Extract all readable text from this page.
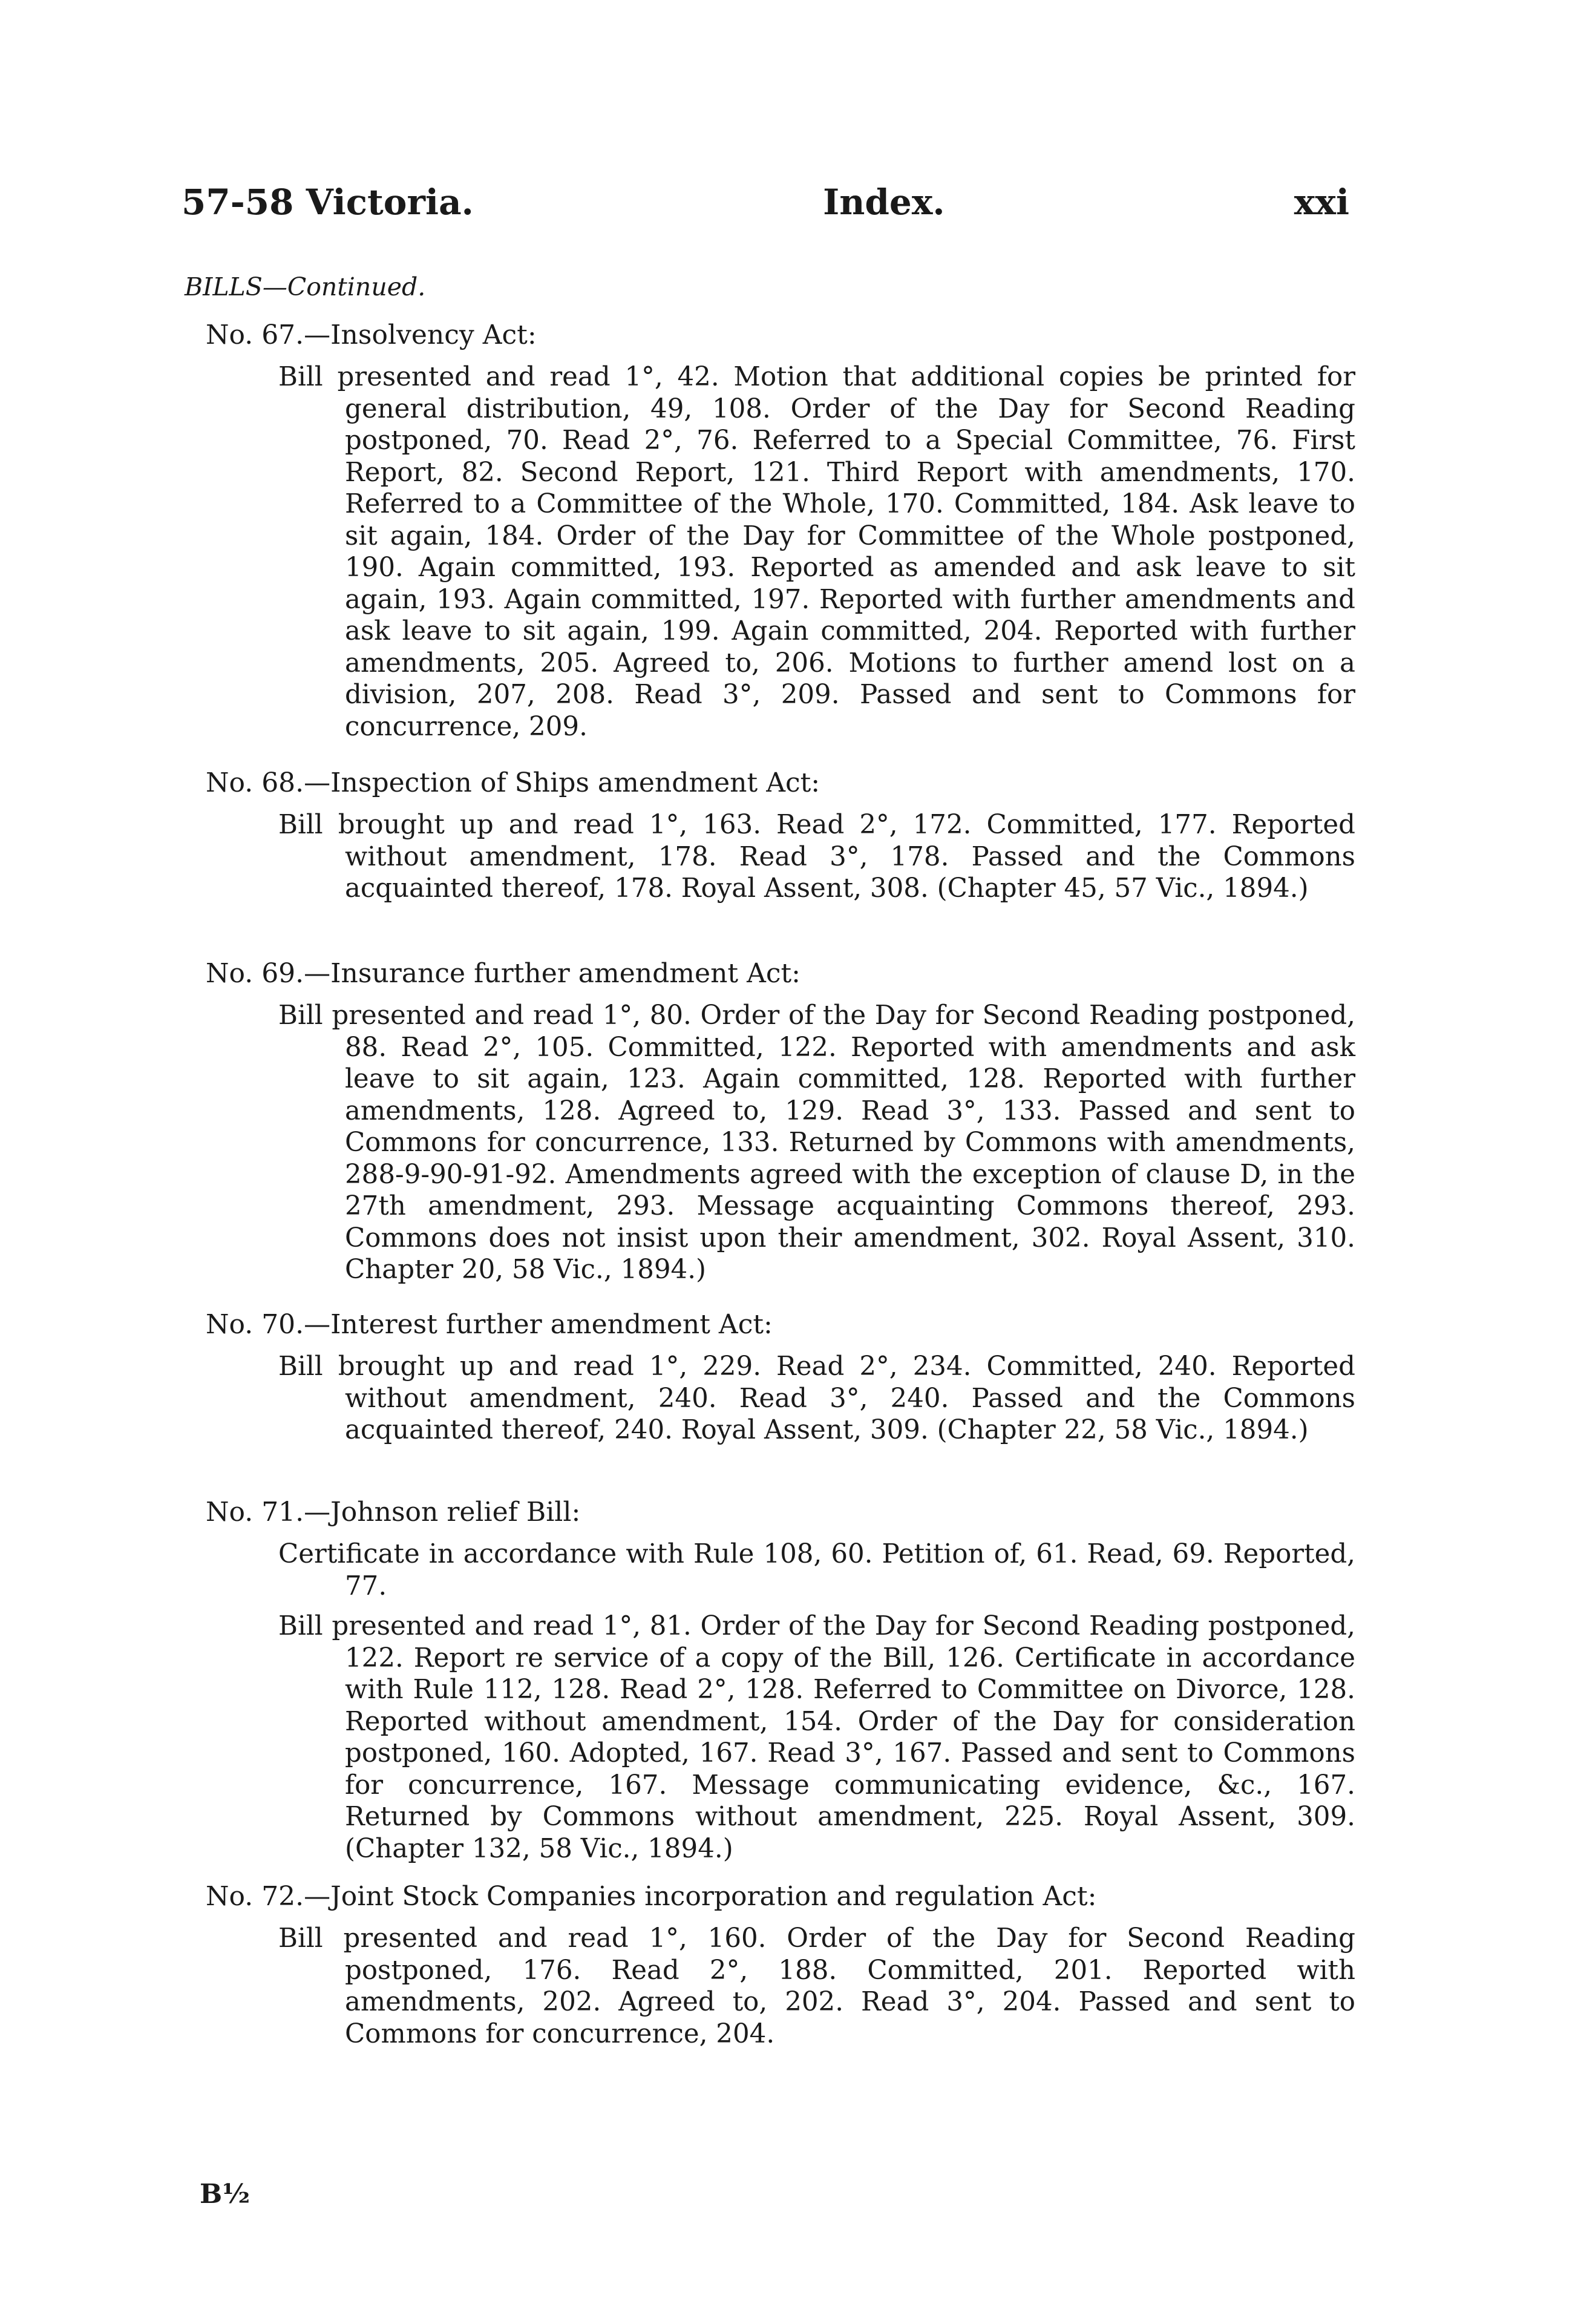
57-58 Victoria.	Index.	xxi
BILLS—Continued.

No. 67.—Insolvency Act:

Bill presented and read 1°, 42. Motion that additional copies be printed for general distribution, 49, 108. Order of the Day for Second Reading postponed, 70. Read 2°, 76. Referred to a Special Committee, 76. First Report, 82. Second Report, 121. Third Report with amendments, 170. Referred to a Committee of the Whole, 170. Committed, 184. Ask leave to sit again, 184. Order of the Day for Committee of the Whole postponed, 190. Again committed, 193. Reported as amended and ask leave to sit again, 193. Again committed, 197. Reported with further amendments and ask leave to sit again, 199. Again committed, 204. Reported with further amendments, 205. Agreed to, 206. Motions to further amend lost on a division, 207, 208. Read 3°, 209. Passed and sent to Commons for concurrence, 209.

No. 68.—Inspection of Ships amendment Act:

Bill brought up and read 1°, 163. Read 2°, 172. Committed, 177. Reported without amendment, 178. Read 3°, 178. Passed and the Commons acquainted thereof, 178. Royal Assent, 308. (Chapter 45, 57 Vic., 1894.)

No. 69.—Insurance further amendment Act:

Bill presented and read 1°, 80. Order of the Day for Second Reading postponed, 88. Read 2°, 105. Committed, 122. Reported with amendments and ask leave to sit again, 123. Again committed, 128. Reported with further amendments, 128. Agreed to, 129. Read 3°, 133. Passed and sent to Commons for concurrence, 133. Returned by Commons with amendments, 288-9-90-91-92. Amendments agreed with the exception of clause D, in the 27th amendment, 293. Message acquainting Commons thereof, 293. Commons does not insist upon their amendment, 302. Royal Assent, 310. Chapter 20, 58 Vic., 1894.)

No. 70.—Interest further amendment Act:

Bill brought up and read 1°, 229. Read 2°, 234. Committed, 240. Reported without amendment, 240. Read 3°, 240. Passed and the Commons acquainted thereof, 240. Royal Assent, 309. (Chapter 22, 58 Vic., 1894.)

No. 71.—Johnson relief Bill:

Certificate in accordance with Rule 108, 60. Petition of, 61. Read, 69. Reported, 77.

Bill presented and read 1°, 81. Order of the Day for Second Reading postponed, 122. Report re service of a copy of the Bill, 126. Certificate in accordance with Rule 112, 128. Read 2°, 128. Referred to Committee on Divorce, 128. Reported without amendment, 154. Order of the Day for consideration postponed, 160. Adopted, 167. Read 3°, 167. Passed and sent to Commons for concurrence, 167. Message communicating evidence, &c., 167. Returned by Commons without amendment, 225. Royal Assent, 309. (Chapter 132, 58 Vic., 1894.)

No. 72.—Joint Stock Companies incorporation and regulation Act:

Bill presented and read 1°, 160. Order of the Day for Second Reading postponed, 176. Read 2°, 188. Committed, 201. Reported with amendments, 202. Agreed to, 202. Read 3°, 204. Passed and sent to Commons for concurrence, 204.

B½
